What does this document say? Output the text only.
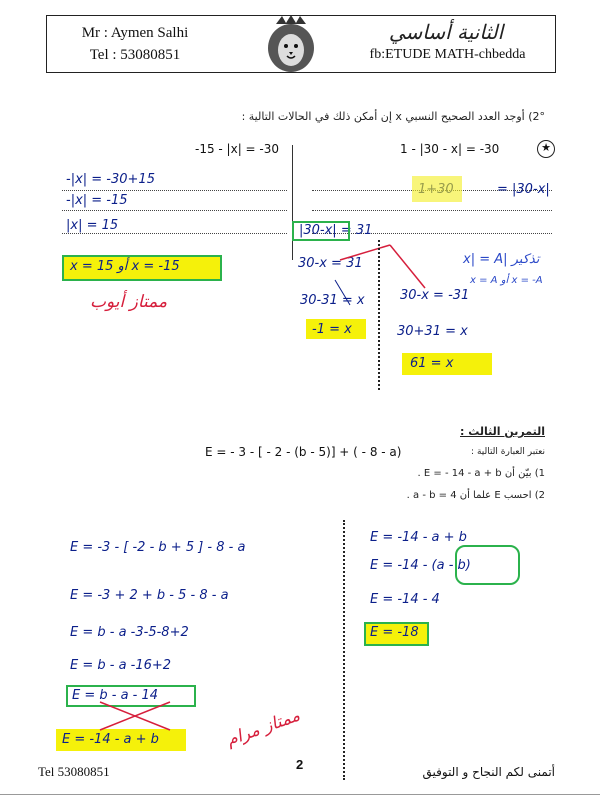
Mr : Aymen Salhi
Tel : 53080851
الثانية أساسي
fb:ETUDE MATH-chbedda
2°) أوجد العدد الصحيح النسبي x إن أمكن ذلك في الحالات التالية :
★
1 - |30 - x| = -30
-15 - |x| = -30
-|x| = -30+15
-|x| = -15
|x| = 15
x = 15 أو x = -15
ممتاز أيوب
= |30-x|
|30-x| = 31
تذكير |x| = A
x = A أو x = -A
30-x = 31
30-31 = x
-1 = x
30-x = -31
30+31 = x
61 = x
التمرين الثالث :
نعتبر العبارة التالية :
E = - 3 - [ - 2 - (b - 5)] + ( - 8 - a)
1) بيّن أن E = - 14 - a + b .
2) احسب E علما أن a - b = 4 .
E = -3 - [ -2 - b + 5 ] - 8 - a
E = -3 + 2 + b - 5 - 8 - a
E = b - a -3-5-8+2
E = b - a -16+2
E = b - a - 14
E = -14 - a + b	ممتاز مرام
E = -14 - a + b
E = -14 - (a - b)
E = -14 - 4
E = -18
Tel 53080851	2	أتمنى لكم النجاح و التوفيق
